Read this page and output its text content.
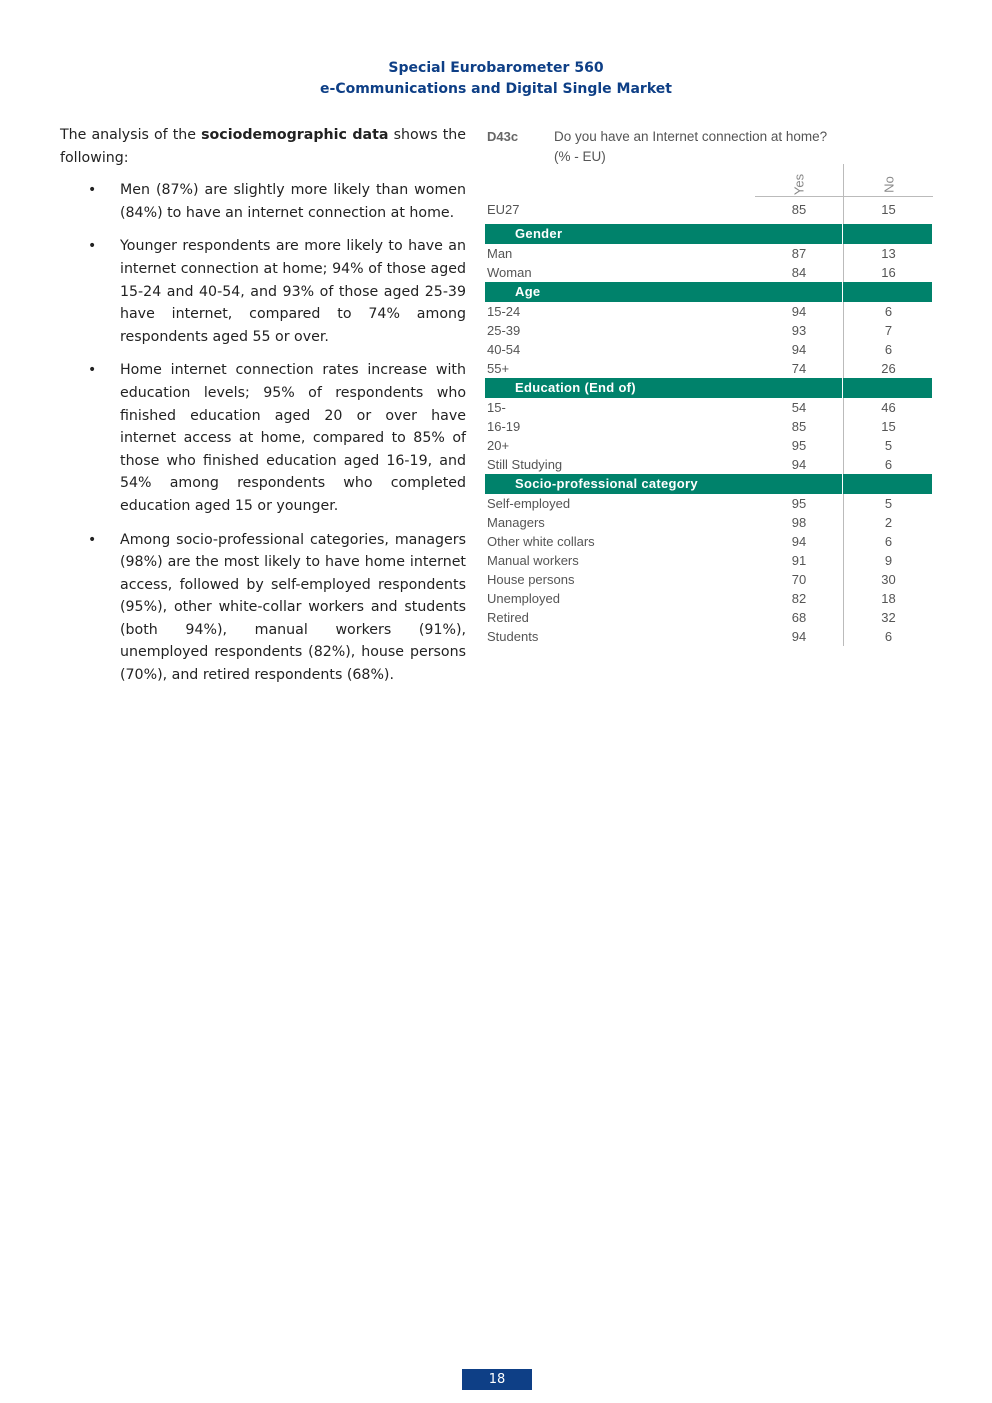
Special Eurobarometer 560
e-Communications and Digital Single Market

The analysis of the sociodemographic data shows the following:

• Men (87%) are slightly more likely than women (84%) to have an internet connection at home.
• Younger respondents are more likely to have an internet connection at home; 94% of those aged 15-24 and 40-54, and 93% of those aged 25-39 have internet, compared to 74% among respondents aged 55 or over.
• Home internet connection rates increase with education levels; 95% of respondents who finished education aged 20 or over have internet access at home, compared to 85% of those who finished education aged 16-19, and 54% among respondents who completed education aged 15 or younger.
• Among socio-professional categories, managers (98%) are the most likely to have home internet access, followed by self-employed respondents (95%), other white-collar workers and students (both 94%), manual workers (91%), unemployed respondents (82%), house persons (70%), and retired respondents (68%).
D43c	Do you have an Internet connection at home?
(% - EU)
Yes	No
EU27	85	15
Gender
Man	87	13
Woman	84	16
Age
15-24	94	6
25-39	93	7
40-54	94	6
55+	74	26
Education (End of)
15-	54	46
16-19	85	15
20+	95	5
Still Studying	94	6
Socio-professional category
Self-employed	95	5
Managers	98	2
Other white collars	94	6
Manual workers	91	9
House persons	70	30
Unemployed	82	18
Retired	68	32
Students	94	6
18
